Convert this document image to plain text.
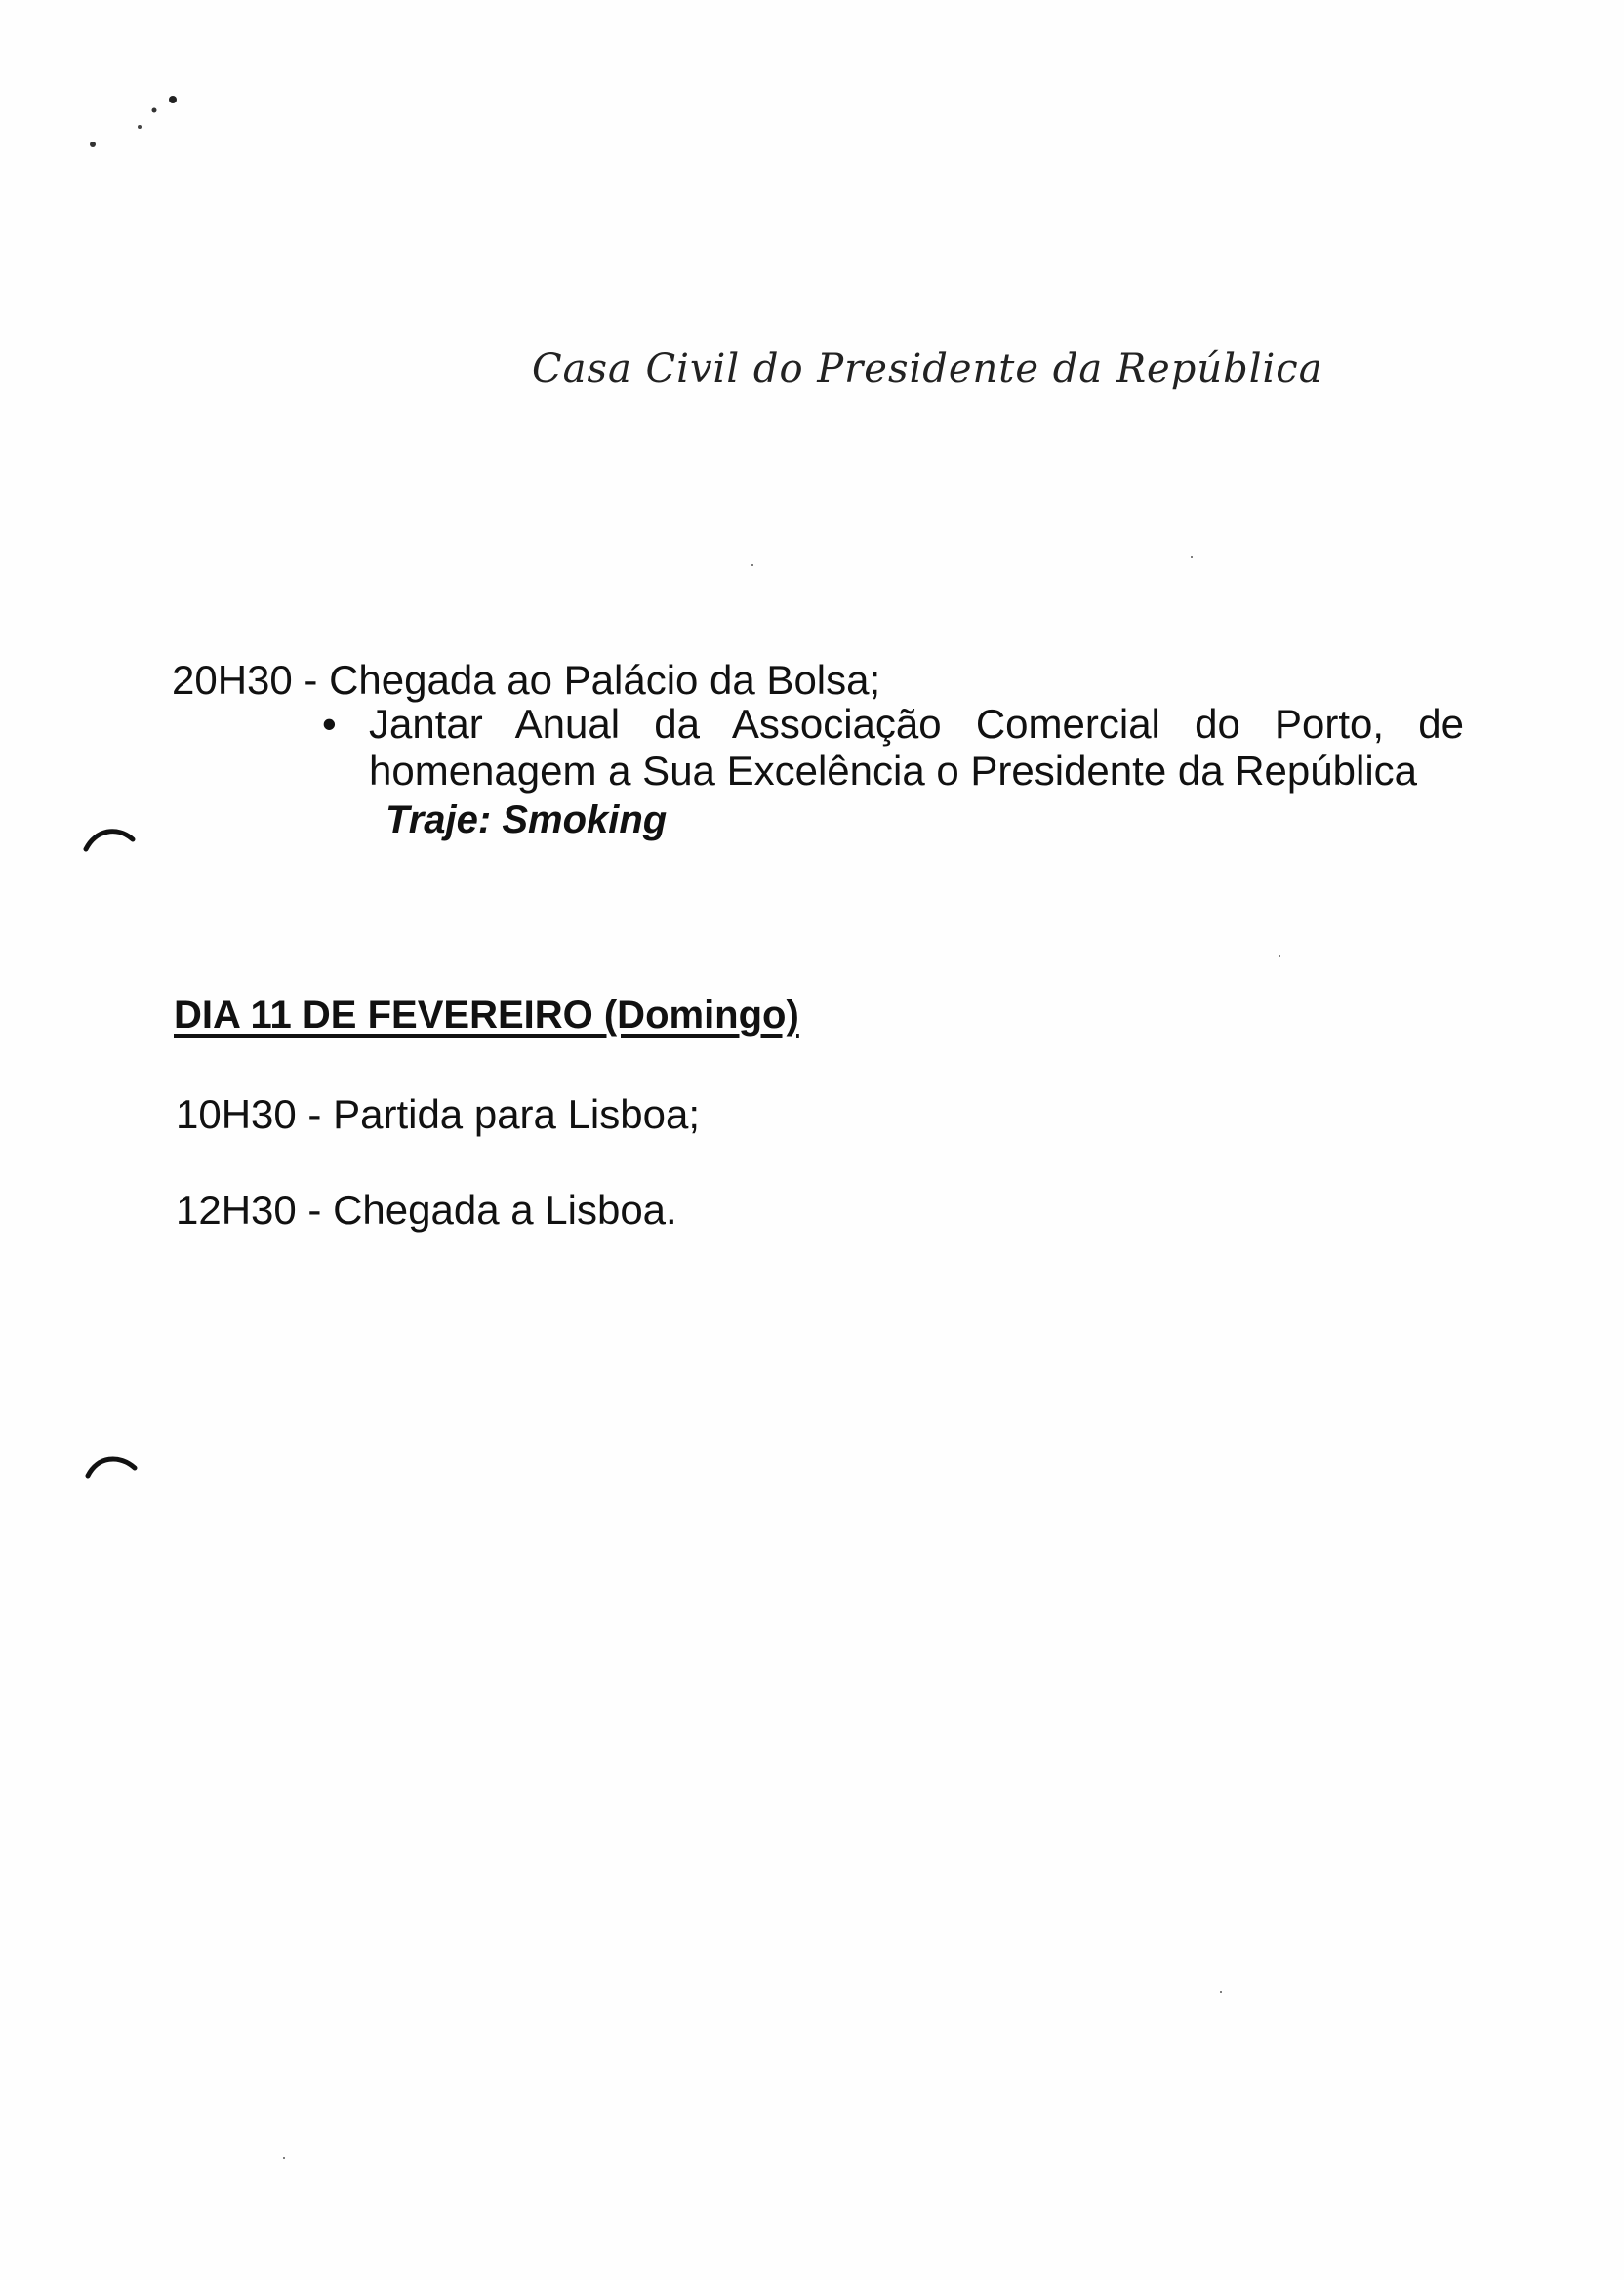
Casa Civil do Presidente da República
20H30 - Chegada ao Palácio da Bolsa;
• Jantar Anual da Associação Comercial do Porto, de homenagem a Sua Excelência o Presidente da República
Traje: Smoking
DIA 11 DE FEVEREIRO (Domingo)
10H30 - Partida para Lisboa;
12H30 - Chegada a Lisboa.
